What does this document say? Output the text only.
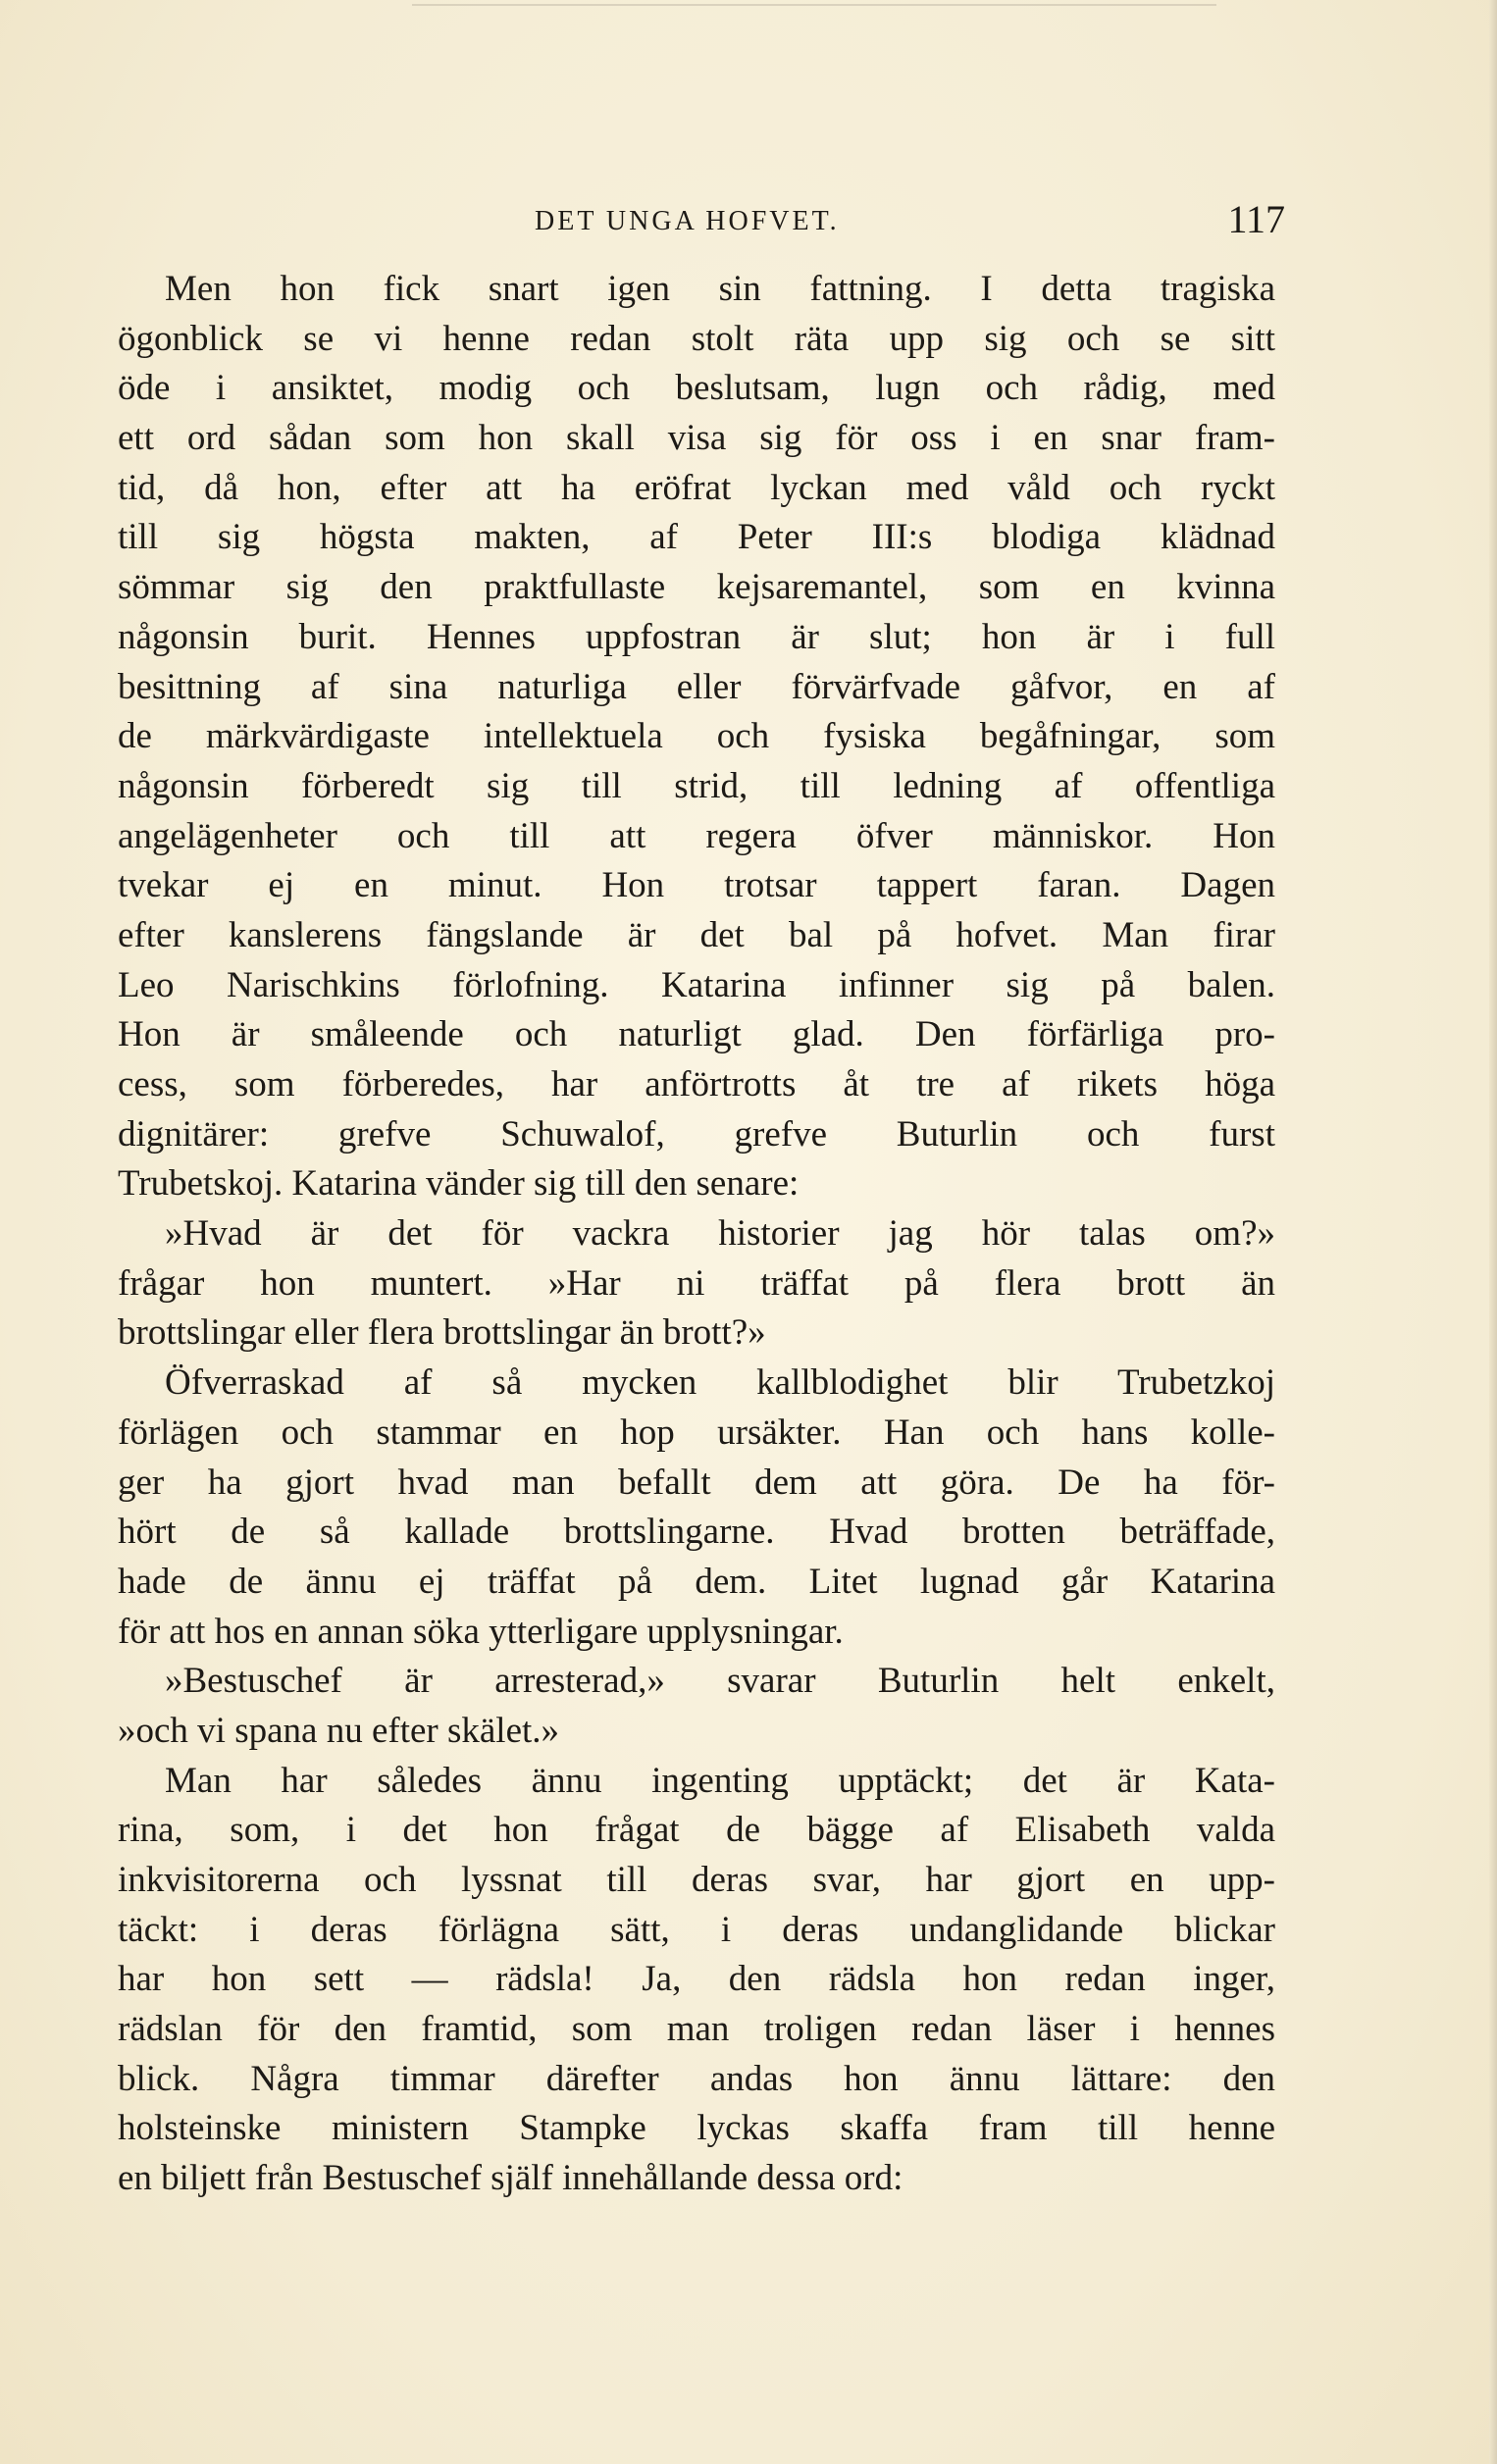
DET UNGA HOFVET.	117
Men hon fick snart igen sin fattning. I detta tragiska
ögonblick se vi henne redan stolt räta upp sig och se sitt
öde i ansiktet, modig och beslutsam, lugn och rådig, med
ett ord sådan som hon skall visa sig för oss i en snar fram-
tid, då hon, efter att ha eröfrat lyckan med våld och ryckt
till sig högsta makten, af Peter III:s blodiga klädnad
sömmar sig den praktfullaste kejsaremantel, som en kvinna
någonsin burit. Hennes uppfostran är slut; hon är i full
besittning af sina naturliga eller förvärfvade gåfvor, en af
de märkvärdigaste intellektuela och fysiska begåfningar, som
någonsin förberedt sig till strid, till ledning af offentliga
angelägenheter och till att regera öfver människor. Hon
tvekar ej en minut. Hon trotsar tappert faran. Dagen
efter kanslerens fängslande är det bal på hofvet. Man firar
Leo Narischkins förlofning. Katarina infinner sig på balen.
Hon är småleende och naturligt glad. Den förfärliga pro-
cess, som förberedes, har anförtrotts åt tre af rikets höga
dignitärer: grefve Schuwalof, grefve Buturlin och furst
Trubetskoj. Katarina vänder sig till den senare:
»Hvad är det för vackra historier jag hör talas om?»
frågar hon muntert. »Har ni träffat på flera brott än
brottslingar eller flera brottslingar än brott?»
Öfverraskad af så mycken kallblodighet blir Trubetzkoj
förlägen och stammar en hop ursäkter. Han och hans kolle-
ger ha gjort hvad man befallt dem att göra. De ha för-
hört de så kallade brottslingarne. Hvad brotten beträffade,
hade de ännu ej träffat på dem. Litet lugnad går Katarina
för att hos en annan söka ytterligare upplysningar.
»Bestuschef är arresterad,» svarar Buturlin helt enkelt,
»och vi spana nu efter skälet.»
Man har således ännu ingenting upptäckt; det är Kata-
rina, som, i det hon frågat de bägge af Elisabeth valda
inkvisitorerna och lyssnat till deras svar, har gjort en upp-
täckt: i deras förlägna sätt, i deras undanglidande blickar
har hon sett — rädsla! Ja, den rädsla hon redan inger,
rädslan för den framtid, som man troligen redan läser i hennes
blick. Några timmar därefter andas hon ännu lättare: den
holsteinske ministern Stampke lyckas skaffa fram till henne
en biljett från Bestuschef själf innehållande dessa ord:
